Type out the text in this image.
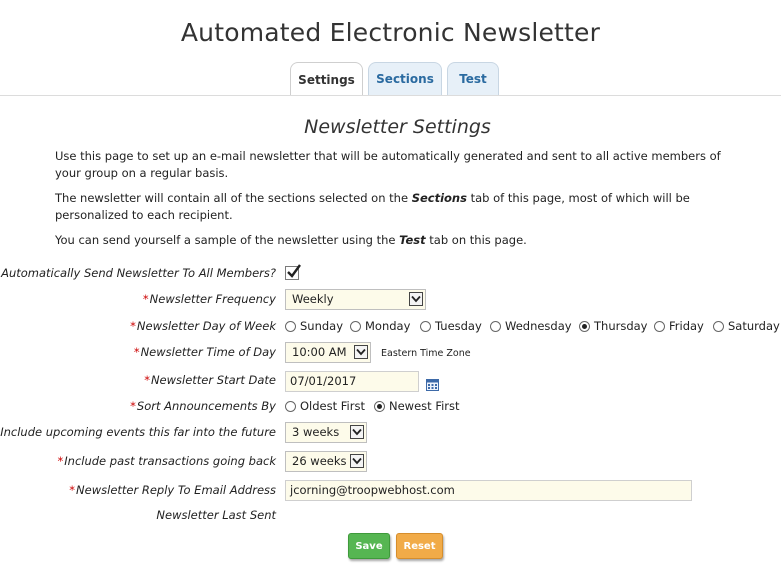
Automated Electronic Newsletter
Settings	Sections	Test
Newsletter Settings
Use this page to set up an e-mail newsletter that will be automatically generated and sent to all active members of your group on a regular basis.
The newsletter will contain all of the sections selected on the Sections tab of this page, most of which will be personalized to each recipient.
You can send yourself a sample of the newsletter using the Test tab on this page.
Automatically Send Newsletter To All Members?
*Newsletter Frequency	Weekly
*Newsletter Day of Week Sunday Monday Tuesday Wednesday Thursday Friday Saturday
*Newsletter Time of Day	10:00 AM	Eastern Time Zone
*Newsletter Start Date	07/01/2017
*Sort Announcements By Oldest First Newest First
Include upcoming events this far into the future	3 weeks
*Include past transactions going back	26 weeks
*Newsletter Reply To Email Address	jcorning@troopwebhost.com
Newsletter Last Sent
Save	Reset
